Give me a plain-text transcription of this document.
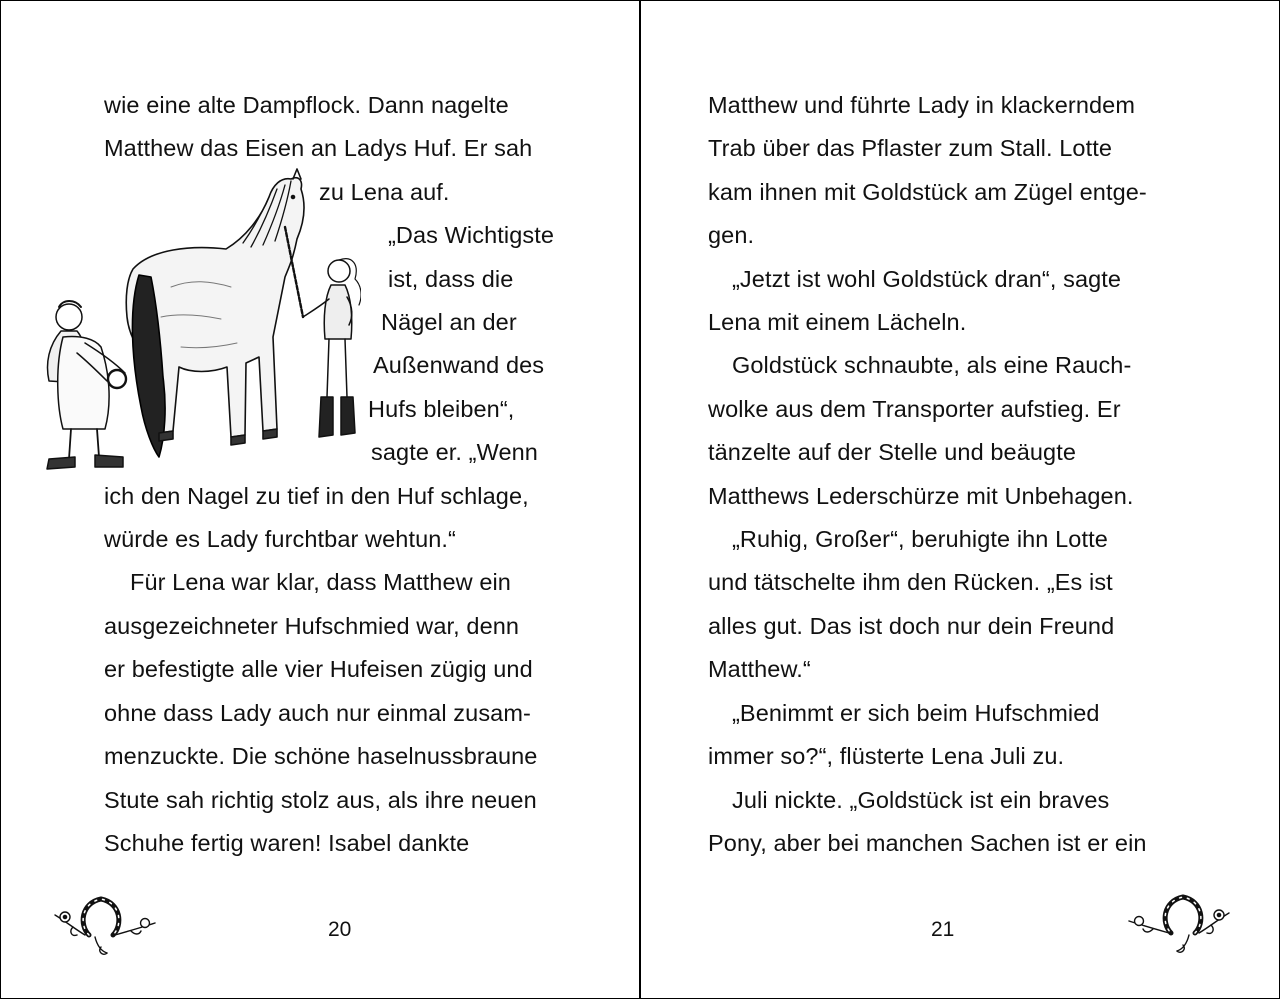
wie eine alte Dampflock. Dann nagelte
Matthew das Eisen an Ladys Huf. Er sah
zu Lena auf.
„Das Wichtigste
ist, dass die
Nägel an der
Außenwand des
Hufs bleiben“,
sagte er. „Wenn
ich den Nagel zu tief in den Huf schlage,
würde es Lady furchtbar wehtun.“
Für Lena war klar, dass Matthew ein
ausgezeichneter Hufschmied war, denn
er befestigte alle vier Hufeisen zügig und
ohne dass Lady auch nur einmal zusam-
menzuckte. Die schöne haselnussbraune
Stute sah richtig stolz aus, als ihre neuen
Schuhe fertig waren! Isabel dankte
20
Matthew und führte Lady in klackerndem
Trab über das Pflaster zum Stall. Lotte
kam ihnen mit Goldstück am Zügel entge-
gen.
„Jetzt ist wohl Goldstück dran“, sagte
Lena mit einem Lächeln.
Goldstück schnaubte, als eine Rauch-
wolke aus dem Transporter aufstieg. Er
tänzelte auf der Stelle und beäugte
Matthews Lederschürze mit Unbehagen.
„Ruhig, Großer“, beruhigte ihn Lotte
und tätschelte ihm den Rücken. „Es ist
alles gut. Das ist doch nur dein Freund
Matthew.“
„Benimmt er sich beim Hufschmied
immer so?“, flüsterte Lena Juli zu.
Juli nickte. „Goldstück ist ein braves
Pony, aber bei manchen Sachen ist er ein
21
